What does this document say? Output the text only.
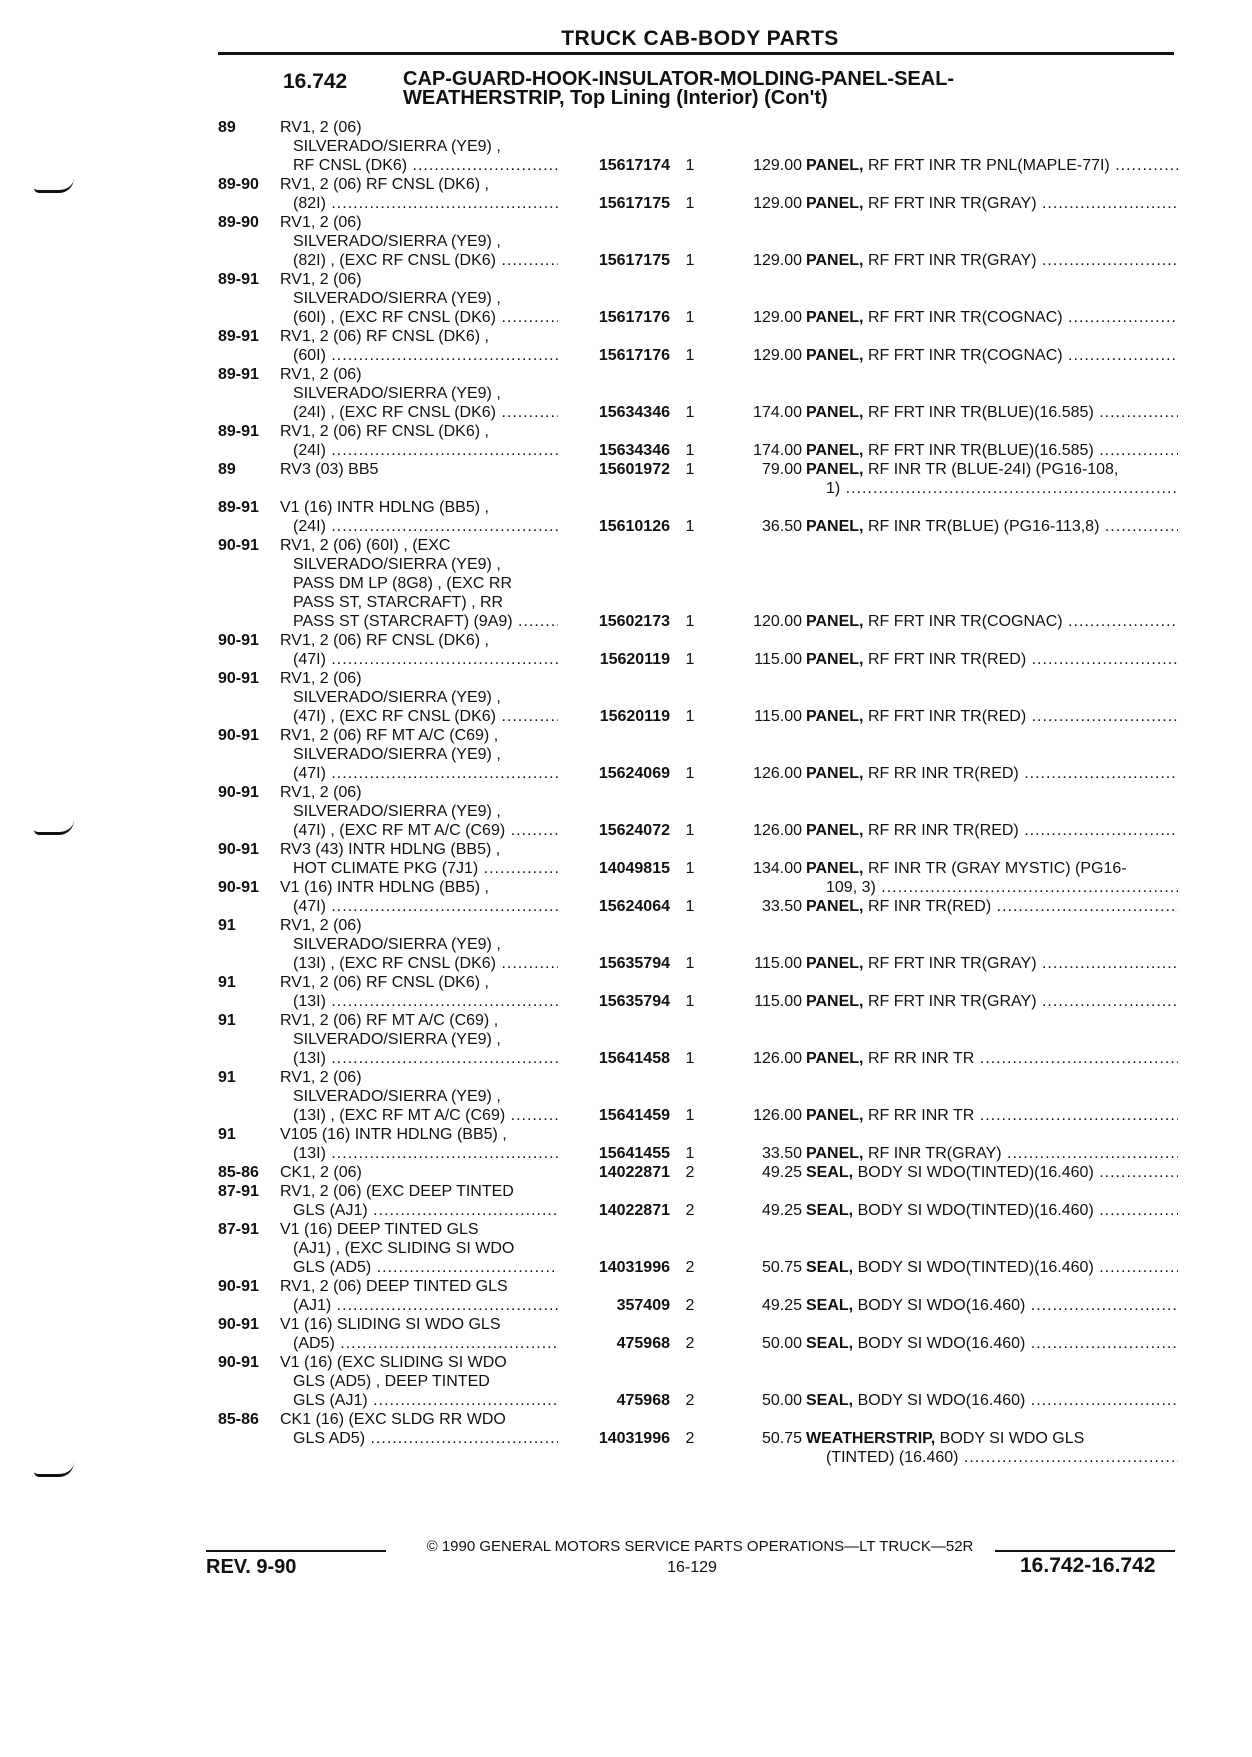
TRUCK CAB-BODY PARTS
16.742	CAP-GUARD-HOOK-INSULATOR-MOLDING-PANEL-SEAL-
WEATHERSTRIP, Top Lining (Interior) (Con't)
89	RV1, 2 (06)
SILVERADO/SIERRA (YE9) ,
RF CNSL (DK6) .....	15617174 1	129.00 PANEL, RF FRT INR TR PNL(MAPLE-77I) .....
89-90	RV1, 2 (06) RF CNSL (DK6) ,
(82I) .....	15617175 1	129.00 PANEL, RF FRT INR TR(GRAY) .....
89-90	RV1, 2 (06)
SILVERADO/SIERRA (YE9) ,
(82I) , (EXC RF CNSL (DK6) .....	15617175 1	129.00 PANEL, RF FRT INR TR(GRAY) .....
89-91	RV1, 2 (06)
SILVERADO/SIERRA (YE9) ,
(60I) , (EXC RF CNSL (DK6) .....	15617176 1	129.00 PANEL, RF FRT INR TR(COGNAC) .....
89-91	RV1, 2 (06) RF CNSL (DK6) ,
(60I) .....	15617176 1	129.00 PANEL, RF FRT INR TR(COGNAC) .....
89-91	RV1, 2 (06)
SILVERADO/SIERRA (YE9) ,
(24I) , (EXC RF CNSL (DK6) .....	15634346 1	174.00 PANEL, RF FRT INR TR(BLUE)(16.585) .....
89-91	RV1, 2 (06) RF CNSL (DK6) ,
(24I) .....	15634346 1	174.00 PANEL, RF FRT INR TR(BLUE)(16.585) .....
89	RV3 (03) BB5
	15601972 1	79.00 PANEL, RF INR TR (BLUE-24I) (PG16-108,
1) .....
89-91	V1 (16) INTR HDLNG (BB5) ,
(24I) .....	15610126 1	36.50 PANEL, RF INR TR(BLUE) (PG16-113,8) .....
90-91	RV1, 2 (06) (60I) , (EXC
SILVERADO/SIERRA (YE9) ,
PASS DM LP (8G8) , (EXC RR
PASS ST, STARCRAFT) , RR
PASS ST (STARCRAFT) (9A9) .....	15602173 1	120.00 PANEL, RF FRT INR TR(COGNAC) .....
90-91	RV1, 2 (06) RF CNSL (DK6) ,
(47I) .....	15620119 1	115.00 PANEL, RF FRT INR TR(RED) .....
90-91	RV1, 2 (06)
SILVERADO/SIERRA (YE9) ,
(47I) , (EXC RF CNSL (DK6) .....	15620119 1	115.00 PANEL, RF FRT INR TR(RED) .....
90-91	RV1, 2 (06) RF MT A/C (C69) ,
SILVERADO/SIERRA (YE9) ,
(47I) .....	15624069 1	126.00 PANEL, RF RR INR TR(RED) .....
90-91	RV1, 2 (06)
SILVERADO/SIERRA (YE9) ,
(47I) , (EXC RF MT A/C (C69) .....	15624072 1	126.00 PANEL, RF RR INR TR(RED) .....
90-91	RV3 (43) INTR HDLNG (BB5) ,
HOT CLIMATE PKG (7J1) .....	14049815 1	134.00 PANEL, RF INR TR (GRAY MYSTIC) (PG16-
109, 3) .....
90-91	V1 (16) INTR HDLNG (BB5) ,
(47I) .....	15624064 1	33.50 PANEL, RF INR TR(RED) .....
91	RV1, 2 (06)
SILVERADO/SIERRA (YE9) ,
(13I) , (EXC RF CNSL (DK6) .....	15635794 1	115.00 PANEL, RF FRT INR TR(GRAY) .....
91	RV1, 2 (06) RF CNSL (DK6) ,
(13I) .....	15635794 1	115.00 PANEL, RF FRT INR TR(GRAY) .....
91	RV1, 2 (06) RF MT A/C (C69) ,
SILVERADO/SIERRA (YE9) ,
(13I) .....	15641458 1	126.00 PANEL, RF RR INR TR .....
91	RV1, 2 (06)
SILVERADO/SIERRA (YE9) ,
(13I) , (EXC RF MT A/C (C69) .....	15641459 1	126.00 PANEL, RF RR INR TR .....
91	V105 (16) INTR HDLNG (BB5) ,
(13I) .....	15641455 1	33.50 PANEL, RF INR TR(GRAY) .....
85-86	CK1, 2 (06)	14022871 2	49.25 SEAL, BODY SI WDO(TINTED)(16.460) .....
87-91	RV1, 2 (06) (EXC DEEP TINTED
GLS (AJ1) .....	14022871 2	49.25 SEAL, BODY SI WDO(TINTED)(16.460) .....
87-91	V1 (16) DEEP TINTED GLS
(AJ1) , (EXC SLIDING SI WDO
GLS (AD5) .....	14031996 2	50.75 SEAL, BODY SI WDO(TINTED)(16.460) .....
90-91	RV1, 2 (06) DEEP TINTED GLS
(AJ1) .....	357409 2	49.25 SEAL, BODY SI WDO(16.460) .....
90-91	V1 (16) SLIDING SI WDO GLS
(AD5) .....	475968 2	50.00 SEAL, BODY SI WDO(16.460) .....
90-91	V1 (16) (EXC SLIDING SI WDO
GLS (AD5) , DEEP TINTED
GLS (AJ1) .....	475968 2	50.00 SEAL, BODY SI WDO(16.460) .....
85-86	CK1 (16) (EXC SLDG RR WDO
GLS AD5) .....	14031996 2	50.75 WEATHERSTRIP, BODY SI WDO GLS
(TINTED) (16.460) .....
© 1990 GENERAL MOTORS SERVICE PARTS OPERATIONS—LT TRUCK—52R
REV. 9-90	16-129	16.742-16.742
